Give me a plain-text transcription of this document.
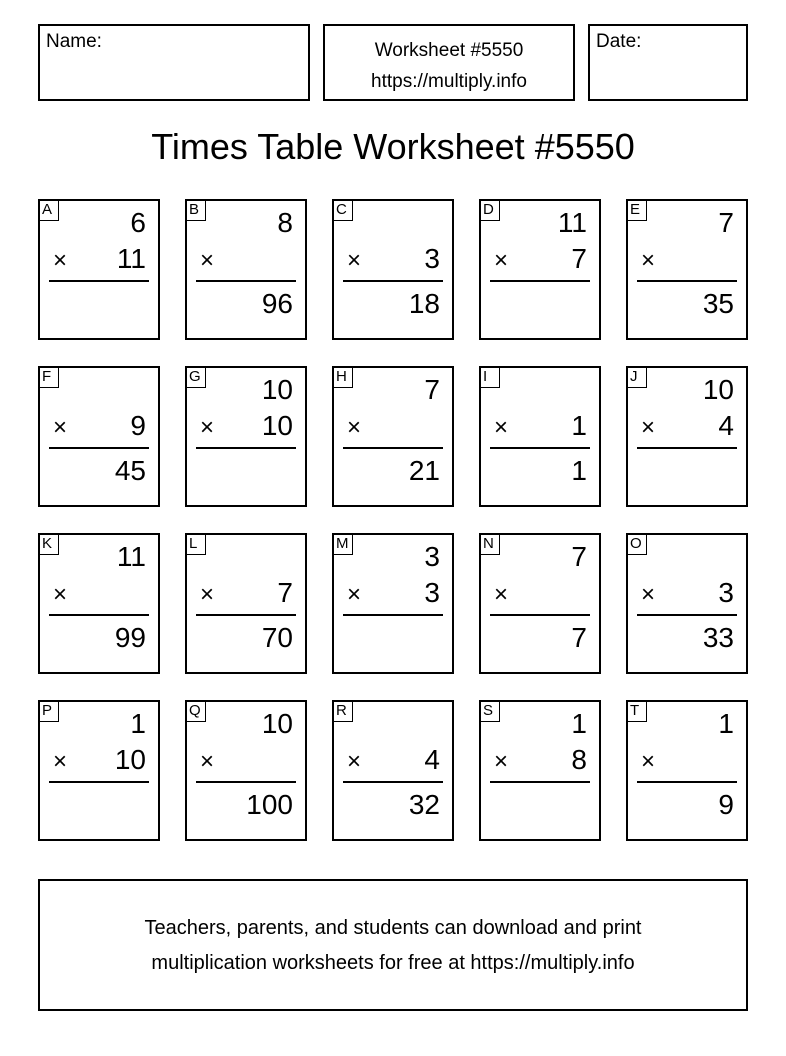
Name:	Worksheet #5550
https://multiply.info
Date:
Times Table Worksheet #5550
A	6
× 11
B	8
×
96
C
× 3
18
D 11
× 7
E	7
×
35
F
× 9
45
G 10
× 10
H	7
×
21
I
× 1
1
J	10
× 4
K 11
×
99
L
× 7
70
M	3
× 3
N	7
×
7
O
× 3
33
P	1
× 10
Q 10
×
100
R
× 4
32
S	1
× 8
T	1
×
9
Teachers, parents, and students can download and print
multiplication worksheets for free at https://multiply.info
